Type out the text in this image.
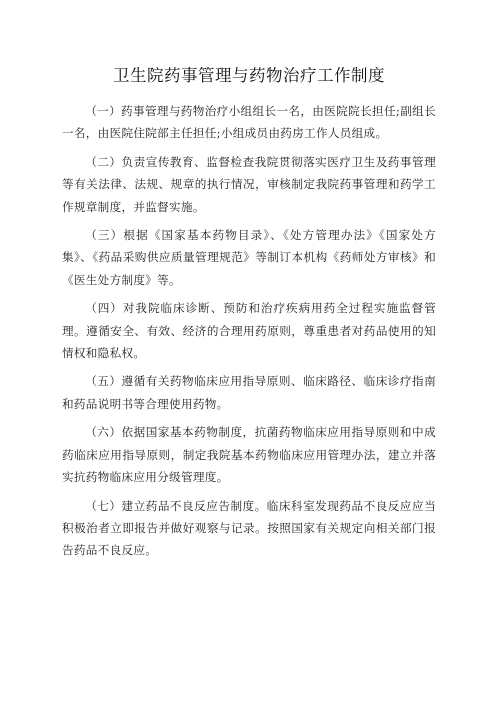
卫生院药事管理与药物治疗工作制度

（一）药事管理与药物治疗小组组长一名，由医院院长担任;副组长一名，由医院住院部主任担任;小组成员由药房工作人员组成。

（二）负责宣传教育、监督检查我院贯彻落实医疗卫生及药事管理等有关法律、法规、规章的执行情况，审核制定我院药事管理和药学工作规章制度，并监督实施。

（三）根据《国家基本药物目录》、《处方管理办法》《国家处方集》、《药品采购供应质量管理规范》等制订本机构《药师处方审核》和《医生处方制度》等。

（四）对我院临床诊断、预防和治疗疾病用药全过程实施监督管理。遵循安全、有效、经济的合理用药原则，尊重患者对药品使用的知情权和隐私权。

（五）遵循有关药物临床应用指导原则、临床路径、临床诊疗指南和药品说明书等合理使用药物。

（六）依据国家基本药物制度，抗菌药物临床应用指导原则和中成药临床应用指导原则，制定我院基本药物临床应用管理办法，建立并落实抗药物临床应用分级管理度。

（七）建立药品不良反应告制度。临床科室发现药品不良反应应当积极治者立即报告并做好观察与记录。按照国家有关规定向相关部门报告药品不良反应。
